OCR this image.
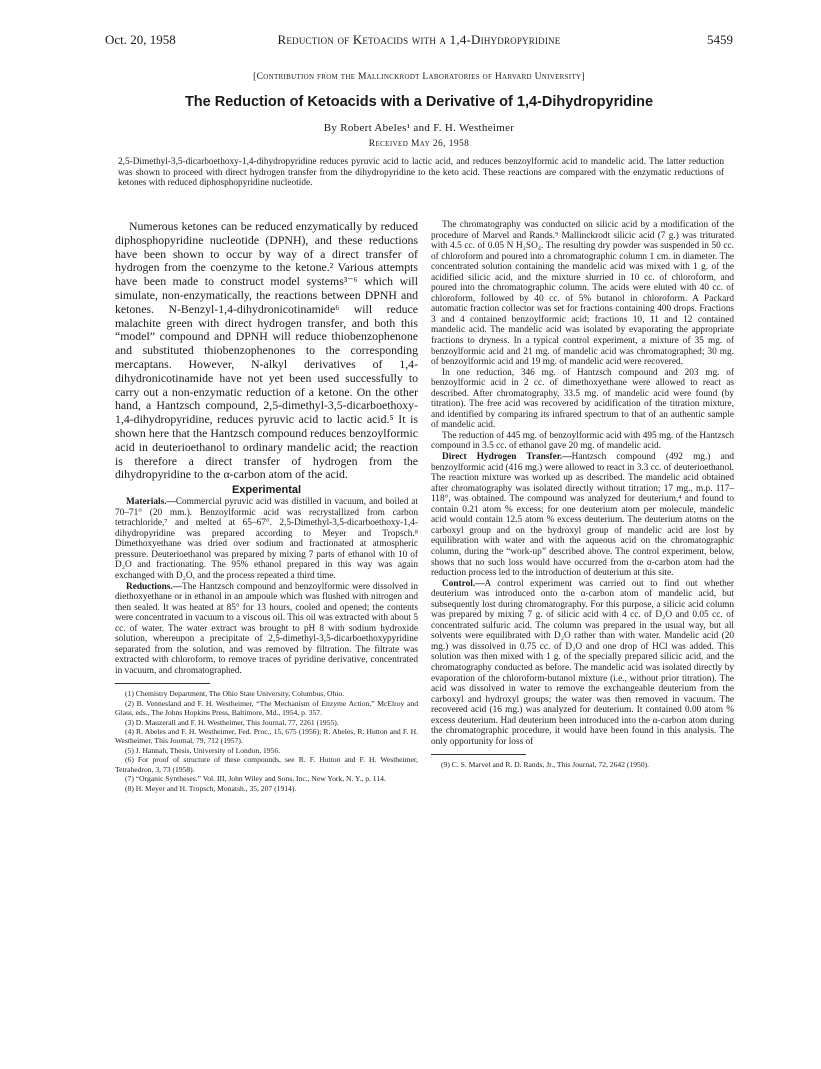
Oct. 20, 1958	Reduction of Ketoacids with a 1,4-Dihydropyridine	5459
[Contribution from the Mallinckrodt Laboratories of Harvard University]
The Reduction of Ketoacids with a Derivative of 1,4-Dihydropyridine
By Robert Abeles¹ and F. H. Westheimer
Received May 26, 1958
2,5-Dimethyl-3,5-dicarboethoxy-1,4-dihydropyridine reduces pyruvic acid to lactic acid, and reduces benzoylformic acid to mandelic acid. The latter reduction was shown to proceed with direct hydrogen transfer from the dihydropyridine to the keto acid. These reactions are compared with the enzymatic reductions of ketones with reduced diphosphopyridine nucleotide.

Numerous ketones can be reduced enzymatically by reduced diphosphopyridine nucleotide (DPNH), and these reductions have been shown to occur by way of a direct transfer of hydrogen from the coenzyme to the ketone.² Various attempts have been made to construct model systems³⁻⁶ which will simulate, non-enzymatically, the reactions between DPNH and ketones. N-Benzyl-1,4-dihydronicotinamide⁶ will reduce malachite green with direct hydrogen transfer, and both this “model” compound and DPNH will reduce thiobenzophenone and substituted thiobenzophenones to the corresponding mercaptans. However, N-alkyl derivatives of 1,4-dihydronicotinamide have not yet been used successfully to carry out a non-enzymatic reduction of a ketone. On the other hand, a Hantzsch compound, 2,5-dimethyl-3,5-dicarboethoxy-1,4-dihydropyridine, reduces pyruvic acid to lactic acid.⁵ It is shown here that the Hantzsch compound reduces benzoylformic acid in deuterioethanol to ordinary mandelic acid; the reaction is therefore a direct transfer of hydrogen from the dihydropyridine to the α-carbon atom of the acid.

Experimental

Materials.—Commercial pyruvic acid was distilled in vacuum, and boiled at 70–71° (20 mm.). Benzoylformic acid was recrystallized from carbon tetrachloride,⁷ and melted at 65–67°. 2,5-Dimethyl-3,5-dicarboethoxy-1,4-dihydropyridine was prepared according to Meyer and Tropsch.⁸ Dimethoxyethane was dried over sodium and fractionated at atmospheric pressure. Deuterioethanol was prepared by mixing 7 parts of ethanol with 10 of D₂O and fractionating. The 95% ethanol prepared in this way was again exchanged with D₂O, and the process repeated a third time.

Reductions.—The Hantzsch compound and benzoylformic were dissolved in diethoxyethane or in ethanol in an ampoule which was flushed with nitrogen and then sealed. It was heated at 85° for 13 hours, cooled and opened; the contents were concentrated in vacuum to a viscous oil. This oil was extracted with about 5 cc. of water. The water extract was brought to pH 8 with sodium hydroxide solution, whereupon a precipitate of 2,5-dimethyl-3,5-dicarboethoxypyridine separated from the solution, and was removed by filtration. The filtrate was extracted with chloroform, to remove traces of pyridine derivative, concentrated in vacuum, and chromatographed.

(1) Chemistry Department, The Ohio State University, Columbus, Ohio.

(2) B. Vennesland and F. H. Westheimer, “The Mechanism of Enzyme Action,” McElroy and Glass, eds., The Johns Hopkins Press, Baltimore, Md., 1954, p. 357.

(3) D. Mauzerall and F. H. Westheimer, This Journal, 77, 2261 (1955).

(4) R. Abeles and F. H. Westheimer, Fed. Proc., 15, 675 (1956); R. Abeles, R. Hutton and F. H. Westheimer, This Journal, 79, 712 (1957).

(5) J. Hannah, Thesis, University of London, 1956.

(6) For proof of structure of these compounds, see R. F. Hutton and F. H. Westheimer, Tetrahedron, 3, 73 (1958).

(7) “Organic Syntheses.” Vol. III, John Wiley and Sons, Inc., New York, N. Y., p. 114.

(8) H. Meyer and H. Tropsch, Monatsh., 35, 207 (1914).

The chromatography was conducted on silicic acid by a modification of the procedure of Marvel and Rands.⁹ Mallinckrodt silicic acid (7 g.) was triturated with 4.5 cc. of 0.05 N H₂SO₄. The resulting dry powder was suspended in 50 cc. of chloroform and poured into a chromatographic column 1 cm. in diameter. The concentrated solution containing the mandelic acid was mixed with 1 g. of the acidified silicic acid, and the mixture slurried in 10 cc. of chloroform, and poured into the chromatographic column. The acids were eluted with 40 cc. of chloroform, followed by 40 cc. of 5% butanol in chloroform. A Packard automatic fraction collector was set for fractions containing 400 drops. Fractions 3 and 4 contained benzoylformic acid; fractions 10, 11 and 12 contained mandelic acid. The mandelic acid was isolated by evaporating the appropriate fractions to dryness. In a typical control experiment, a mixture of 35 mg. of benzoylformic acid and 21 mg. of mandelic acid was chromatographed; 30 mg. of benzoylformic acid and 19 mg. of mandelic acid were recovered.

In one reduction, 346 mg. of Hantzsch compound and 203 mg. of benzoylformic acid in 2 cc. of dimethoxyethane were allowed to react as described. After chromatography, 33.5 mg. of mandelic acid were found (by titration). The free acid was recovered by acidification of the titration mixture, and identified by comparing its infrared spectrum to that of an authentic sample of mandelic acid.

The reduction of 445 mg. of benzoylformic acid with 495 mg. of the Hantzsch compound in 3.5 cc. of ethanol gave 20 mg. of mandelic acid.

Direct Hydrogen Transfer.—Hantzsch compound (492 mg.) and benzoylformic acid (416 mg.) were allowed to react in 3.3 cc. of deuterioethanol. The reaction mixture was worked up as described. The mandelic acid obtained after chromatography was isolated directly without titration; 17 mg., m.p. 117–118°, was obtained. The compound was analyzed for deuterium,⁴ and found to contain 0.21 atom % excess; for one deuterium atom per molecule, mandelic acid would contain 12.5 atom % excess deuterium. The deuterium atoms on the carboxyl group and on the hydroxyl group of mandelic acid are lost by equilibration with water and with the aqueous acid on the chromatographic column, during the “work-up” described above. The control experiment, below, shows that no such loss would have occurred from the α-carbon atom had the reduction process led to the introduction of deuterium at this site.

Control.—A control experiment was carried out to find out whether deuterium was introduced onto the α-carbon atom of mandelic acid, but subsequently lost during chromatography. For this purpose, a silicic acid column was prepared by mixing 7 g. of silicic acid with 4 cc. of D₂O and 0.05 cc. of concentrated sulfuric acid. The column was prepared in the usual way, but all solvents were equilibrated with D₂O rather than with water. Mandelic acid (20 mg.) was dissolved in 0.75 cc. of D₂O and one drop of HCl was added. This solution was then mixed with 1 g. of the specially prepared silicic acid, and the chromatography conducted as before. The mandelic acid was isolated directly by evaporation of the chloroform-butanol mixture (i.e., without prior titration). The acid was dissolved in water to remove the exchangeable deuterium from the carboxyl and hydroxyl groups; the water was then removed in vacuum. The recovered acid (16 mg.) was analyzed for deuterium. It contained 0.00 atom % excess deuterium. Had deuterium been introduced into the α-carbon atom during the chromatographic procedure, it would have been found in this analysis. The only opportunity for loss of

(9) C. S. Marvel and R. D. Rands, Jr., This Journal, 72, 2642 (1950).
